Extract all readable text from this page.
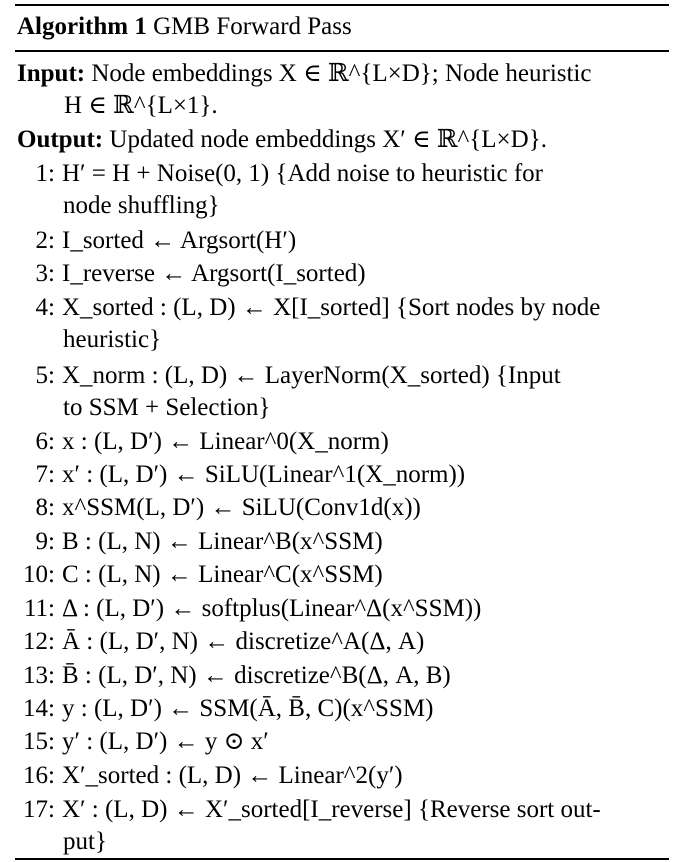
Algorithm 1 GMB Forward Pass
Input: Node embeddings X ∈ ℝ^{L×D}; Node heuristic
H ∈ ℝ^{L×1}.
Output: Updated node embeddings X′ ∈ ℝ^{L×D}.
1: H′ = H + Noise(0, 1) {Add noise to heuristic for
node shuffling}
2: I_sorted ← Argsort(H′)
3: I_reverse ← Argsort(I_sorted)
4: X_sorted : (L, D) ← X[I_sorted] {Sort nodes by node
heuristic}
5: X_norm : (L, D) ← LayerNorm(X_sorted) {Input
to SSM + Selection}
6: x : (L, D′) ← Linear^0(X_norm)
7: x′ : (L, D′) ← SiLU(Linear^1(X_norm))
8: x^SSM(L, D′) ← SiLU(Conv1d(x))
9: B : (L, N) ← Linear^B(x^SSM)
10: C : (L, N) ← Linear^C(x^SSM)
11: Δ : (L, D′) ← softplus(Linear^Δ(x^SSM))
12: Ā : (L, D′, N) ← discretize^A(Δ, A)
13: B̄ : (L, D′, N) ← discretize^B(Δ, A, B)
14: y : (L, D′) ← SSM(Ā, B̄, C)(x^SSM)
15: y′ : (L, D′) ← y ⊙ x′
16: X′_sorted : (L, D) ← Linear^2(y′)
17: X′ : (L, D) ← X′_sorted[I_reverse] {Reverse sort out-
put}
